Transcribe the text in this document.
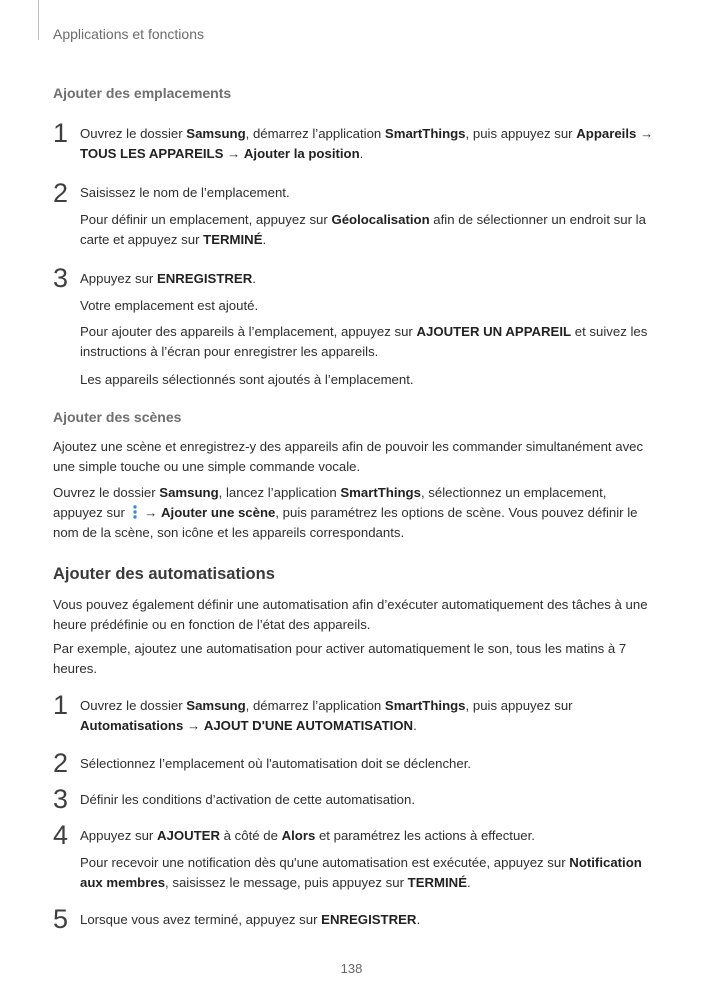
Applications et fonctions
Ajouter des emplacements
1 Ouvrez le dossier Samsung, démarrez l’application SmartThings, puis appuyez sur Appareils → TOUS LES APPAREILS → Ajouter la position.
2 Saisissez le nom de l’emplacement.
Pour définir un emplacement, appuyez sur Géolocalisation afin de sélectionner un endroit sur la carte et appuyez sur TERMINÉ.
3 Appuyez sur ENREGISTRER.
Votre emplacement est ajouté.
Pour ajouter des appareils à l’emplacement, appuyez sur AJOUTER UN APPAREIL et suivez les instructions à l’écran pour enregistrer les appareils.
Les appareils sélectionnés sont ajoutés à l’emplacement.
Ajouter des scènes
Ajoutez une scène et enregistrez-y des appareils afin de pouvoir les commander simultanément avec une simple touche ou une simple commande vocale.
Ouvrez le dossier Samsung, lancez l’application SmartThings, sélectionnez un emplacement, appuyez sur  → Ajouter une scène, puis paramétrez les options de scène. Vous pouvez définir le nom de la scène, son icône et les appareils correspondants.
Ajouter des automatisations
Vous pouvez également définir une automatisation afin d’exécuter automatiquement des tâches à une heure prédéfinie ou en fonction de l’état des appareils.
Par exemple, ajoutez une automatisation pour activer automatiquement le son, tous les matins à 7 heures.
1 Ouvrez le dossier Samsung, démarrez l’application SmartThings, puis appuyez sur Automatisations → AJOUT D'UNE AUTOMATISATION.
2 Sélectionnez l’emplacement où l'automatisation doit se déclencher.
3 Définir les conditions d’activation de cette automatisation.
4 Appuyez sur AJOUTER à côté de Alors et paramétrez les actions à effectuer.
Pour recevoir une notification dès qu'une automatisation est exécutée, appuyez sur Notification aux membres, saisissez le message, puis appuyez sur TERMINÉ.
5 Lorsque vous avez terminé, appuyez sur ENREGISTRER.
138
